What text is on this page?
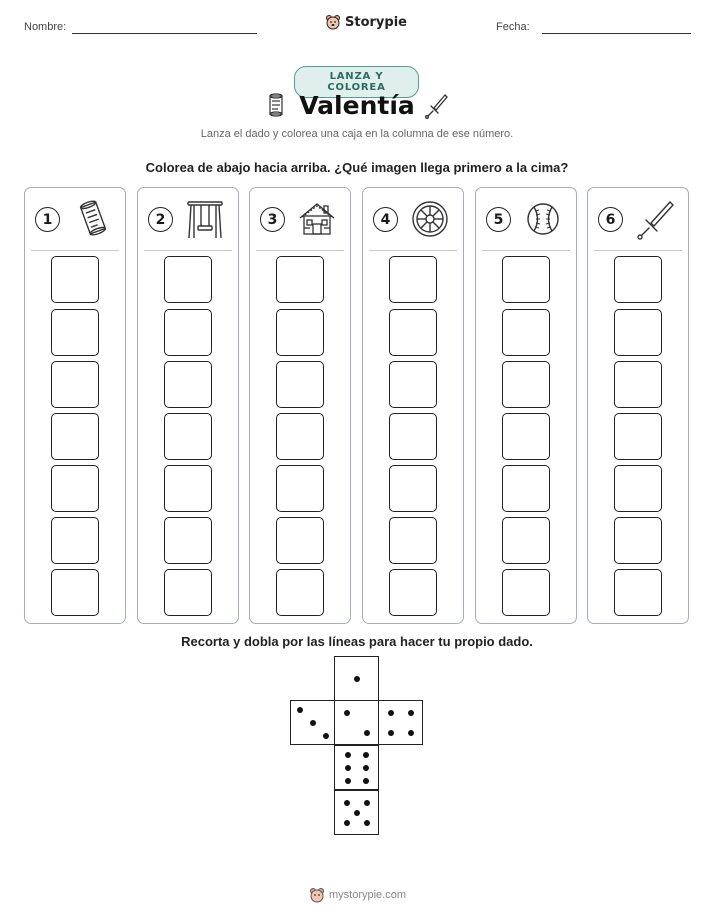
Nombre:	Storypie	Fecha:
LANZA Y COLOREA
Valentía
Lanza el dado y colorea una caja en la columna de ese número.
Colorea de abajo hacia arriba. ¿Qué imagen llega primero a la cima?
1	2	3	4	5	6
Recorta y dobla por las líneas para hacer tu propio dado.
mystorypie.com
